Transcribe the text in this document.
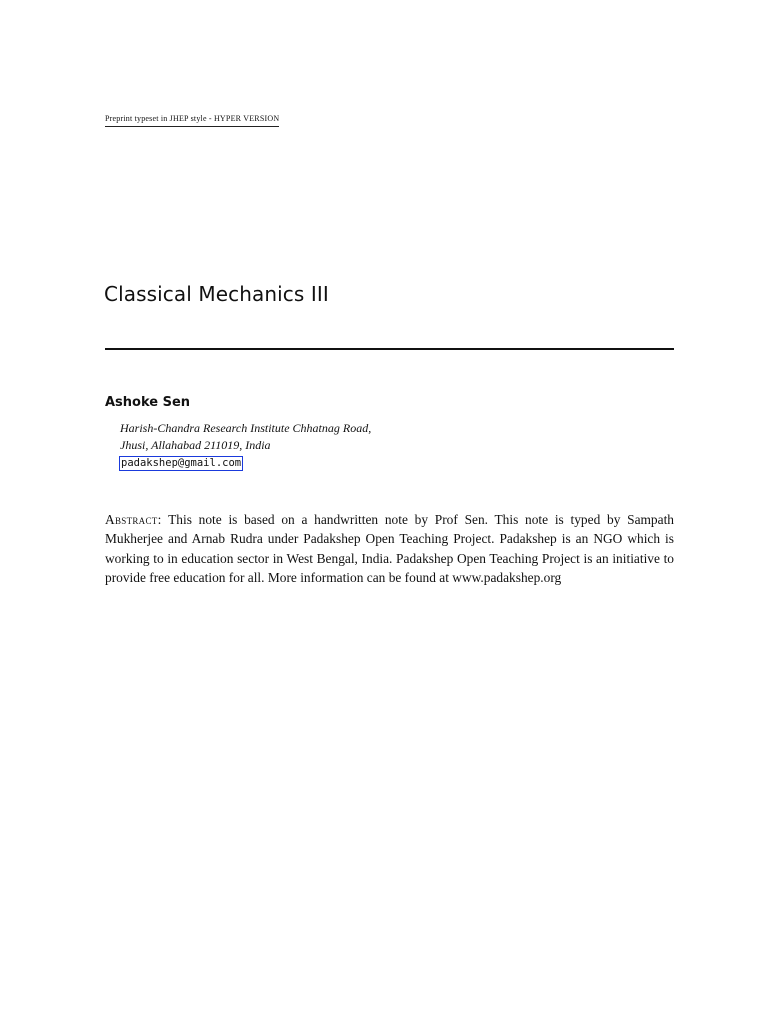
Preprint typeset in JHEP style - HYPER VERSION
Classical Mechanics III
Ashoke Sen
Harish-Chandra Research Institute Chhatnag Road,
Jhusi, Allahabad 211019, India
padakshep@gmail.com

Abstract: This note is based on a handwritten note by Prof Sen. This note is typed by Sampath Mukherjee and Arnab Rudra under Padakshep Open Teaching Project. Padakshep is an NGO which is working to in education sector in West Bengal, India. Padakshep Open Teaching Project is an initiative to provide free education for all. More information can be found at www.padakshep.org
